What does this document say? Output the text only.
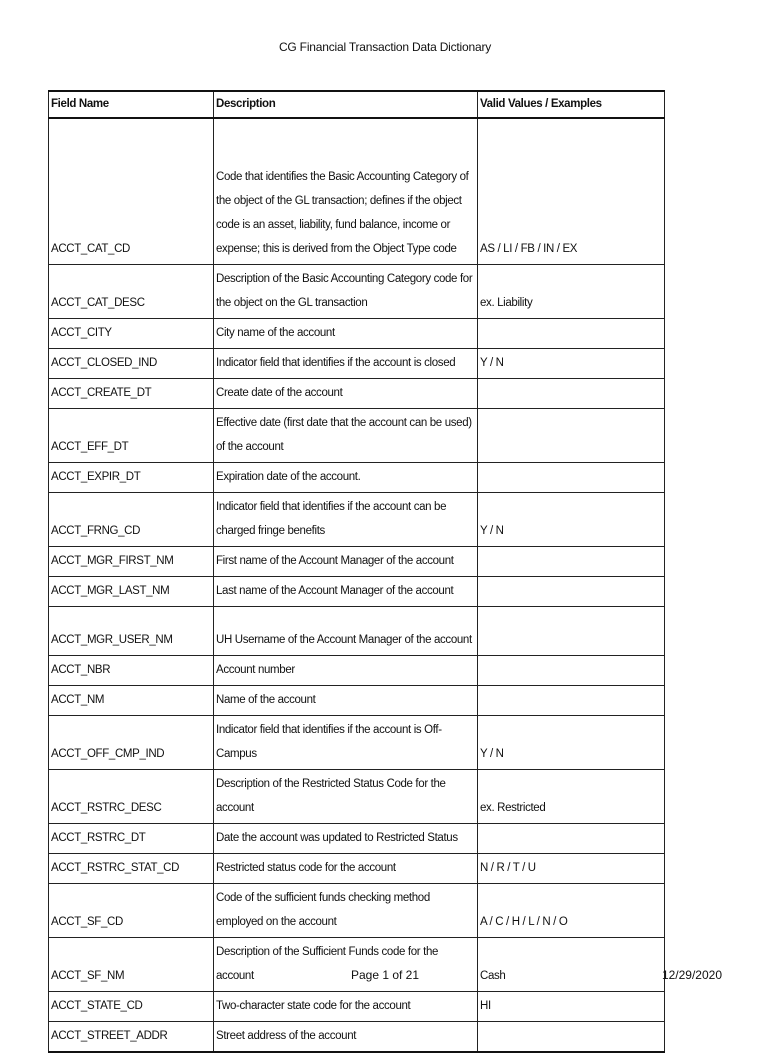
CG Financial Transaction Data Dictionary
Field Name	Description	Valid Values / Examples
ACCT_CAT_CD	Code that identifies the Basic Accounting Category of the object of the GL transaction; defines if the object code is an asset, liability, fund balance, income or expense; this is derived from the Object Type code	AS / LI / FB / IN / EX
ACCT_CAT_DESC	Description of the Basic Accounting Category code for the object on the GL transaction	ex. Liability
ACCT_CITY	City name of the account	
ACCT_CLOSED_IND	Indicator field that identifies if the account is closed	Y / N
ACCT_CREATE_DT	Create date of the account	
ACCT_EFF_DT	Effective date (first date that the account can be used) of the account	
ACCT_EXPIR_DT	Expiration date of the account.	
ACCT_FRNG_CD	Indicator field that identifies if the account can be charged fringe benefits	Y / N
ACCT_MGR_FIRST_NM	First name of the Account Manager of the account	
ACCT_MGR_LAST_NM	Last name of the Account Manager of the account	
ACCT_MGR_USER_NM	UH Username of the Account Manager of the account	
ACCT_NBR	Account number	
ACCT_NM	Name of the account	
ACCT_OFF_CMP_IND	Indicator field that identifies if the account is Off-Campus	Y / N
ACCT_RSTRC_DESC	Description of the Restricted Status Code for the account	ex. Restricted
ACCT_RSTRC_DT	Date the account was updated to Restricted Status	
ACCT_RSTRC_STAT_CD	Restricted status code for the account	N / R / T / U
ACCT_SF_CD	Code of the sufficient funds checking method employed on the account	A / C / H / L / N / O
ACCT_SF_NM	Description of the Sufficient Funds code for the account	Cash
ACCT_STATE_CD	Two-character state code for the account	HI
ACCT_STREET_ADDR	Street address of the account	
Page 1 of 21	12/29/2020
